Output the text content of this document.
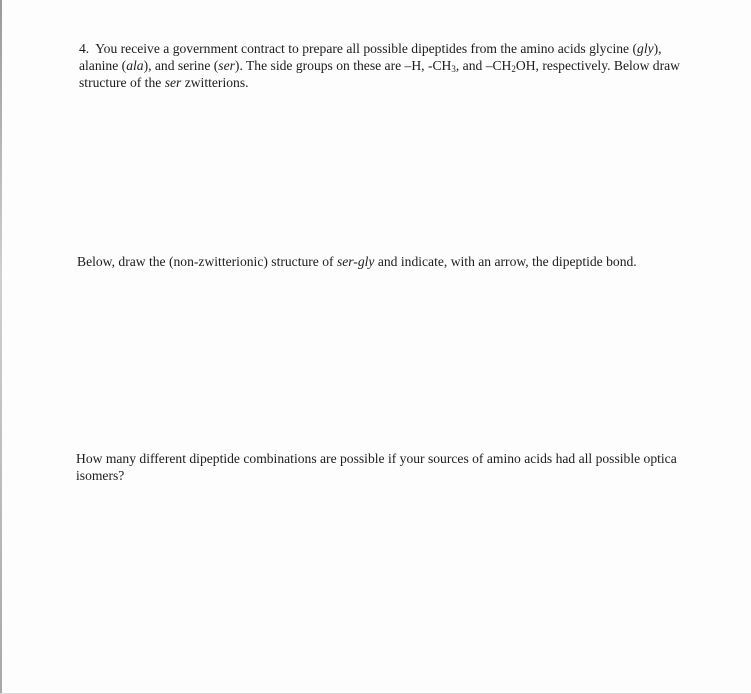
4. You receive a government contract to prepare all possible dipeptides from the amino acids glycine (gly),
alanine (ala), and serine (ser). The side groups on these are –H, $-CH_3$, and $-CH_2OH$, respectively. Below draw
structure of the ser zwitterions.
Below, draw the (non-zwitterionic) structure of ser-gly and indicate, with an arrow, the dipeptide bond.
How many different dipeptide combinations are possible if your sources of amino acids had all possible optica
isomers?
